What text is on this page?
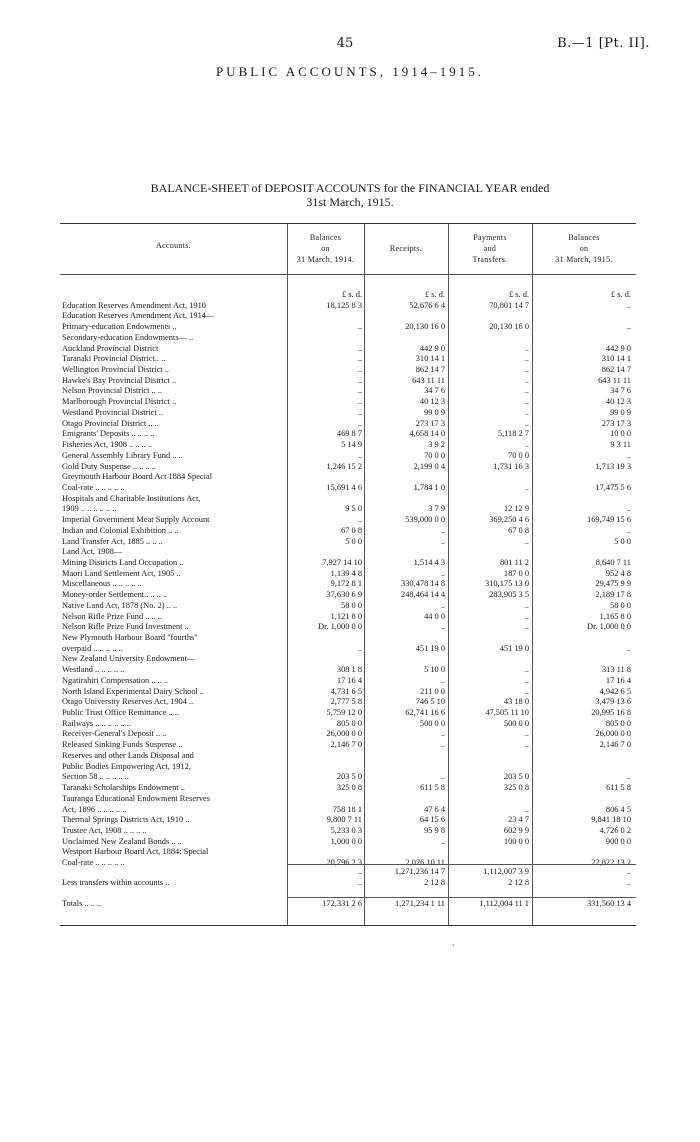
45	B.—1 [Pt. II].
PUBLIC ACCOUNTS, 1914–1915.
BALANCE-SHEET of DEPOSIT ACCOUNTS for the FINANCIAL YEAR ended
31st March, 1915.
Accounts.
Balances
on
31 March, 1914.
Receipts.
Payments
and
Transfers.
Balances
on
31 March, 1915.
£ s. d.	£ s. d.	£ s. d.	£ s. d.
Education Reserves Amendment Act, 1910	18,125 8 3	52,676 6 4	70,801 14 7	..
Education Reserves Amendment Act, 1914—
Primary-education Endowments ..	..	20,130 16 0	20,130 16 0	..
Secondary-education Endowments— ..
Auckland Provincial District	..	442 9 0	..	442 9 0
Taranaki Provincial District.. ..	..	310 14 1	..	310 14 1
Wellington Provincial District ..	..	862 14 7	..	862 14 7
Hawke's Bay Provincial District ..	..	643 11 11	..	643 11 11
Nelson Provincial District .. ..	..	34 7 6	..	34 7 6
Marlborough Provincial District ..	..	40 12 3	..	40 12 3
Westland Provincial District ..	..	99 0 9	..	99 0 9
Otago Provincial District .. ..	..	273 17 3	..	273 17 3
Emigrants' Deposits .. .. .. ..	469 8 7	4,658 14 0	5,118 2 7	10 0 0
Fisheries Act, 1908 .. .. .. ..	5 14 9	3 9 2	..	9 3 11
General Assembly Library Fund .. ..	..	70 0 0	70 0 0	..
Gold Duty Suspense .. .. .. ..	1,246 15 2	2,199 0 4	1,731 16 3	1,713 19 3
Greymouth Harbour Board Act 1884 Special
Coal-rate .. .. .. .. ..	15,691 4 6	1,784 1 0	..	17,475 5 6
Hospitals and Charitable Institutions Act,
1909 .. .. .. .. .. ..	9 5 0	3 7 9	12 12 9	..
Imperial Government Meat Supply Account	..	539,000 0 0	369,250 4 6	169,749 15 6
Indian and Colonial Exhibition .. ..	67 0 8	..	67 0 8	..
Land Transfer Act, 1885 .. .. ..	5 0 0	..	..	5 0 0
Land Act, 1908—
Mining Districts Land Occupation ..	7,927 14 10	1,514 4 3	801 11 2	8,640 7 11
Maori Land Settlement Act, 1905 ..	1,139 4 8	..	187 0 0	952 4 8
Miscellaneous .. .. .. .. ..	9,172 8 1	330,478 14 8	310,175 13 0	29,475 9 9
Money-order Settlement.. .. .. ..	37,630 6 9	248,464 14 4	283,905 3 5	2,189 17 8
Native Land Act, 1878 (No. 2) .. ..	58 0 0	..	..	58 0 0
Nelson Rifle Prize Fund .. .. ..	1,121 8 0	44 0 0	..	1,165 8 0
Nelson Rifle Prize Fund Investment ..	Dr. 1,000 0 0	..	..	Dr. 1,000 0 0
New Plymouth Harbour Board "fourths"
overpaid .. .. .. .. ..	..	451 19 0	451 19 0	..
New Zealand University Endowment—
Westland .. .. .. .. ..	308 1 8	5 10 0	..	313 11 8
Ngatirahiri Compensation .. .. ..	17 16 4	..	..	17 16 4
North Island Experimental Dairy School ..	4,731 6 5	211 0 0	..	4,942 6 5
Otago University Reserves Act, 1904 ..	2,777 5 8	746 5 10	43 18 0	3,479 13 6
Public Trust Office Remittance .. ..	5,759 12 0	62,741 16 6	47,505 11 10	20,995 16 8
Railways .. .. .. .. .. ..	805 0 0	500 0 0	500 0 0	805 0 0
Receiver-General's Deposit .. ..	26,000 0 0	..	..	26,000 0 0
Released Sinking Funds Suspense ..	2,146 7 0	..	..	2,146 7 0
Reserves and other Lands Disposal and
Public Bodies Empowering Act, 1912,
Section 58 .. .. .. .. ..	203 5 0	..	203 5 0	..
Taranaki Scholarships Endowment ..	325 0 8	611 5 8	325 0 8	611 5 8
Tauranga Educational Endowment Reserves
Act, 1896 .. .. .. .. ..	758 18 1	47 6 4	..	806 4 5
Thermal Springs Districts Act, 1910 ..	9,800 7 11	64 15 6	23 4 7	9,841 18 10
Trustee Act, 1908 .. .. .. ..	5,233 0 3	95 9 8	602 9 9	4,726 0 2
Unclaimed New Zealand Bonds .. ..	1,000 0 0	..	100 0 0	900 0 0
Westport Harbour Board Act, 1884: Special
Coal-rate .. .. .. .. ..	20,796 2 3	2,026 10 11	..	22,822 13 2
..	1,271,236 14 7	1,112,007 3 9	..
Less transfers within accounts ..	..	2 12 8	2 12 8	..
Totals .. .. ..	172,331 2 6	1,271,234 1 11	1,112,004 11 1	331,560 13 4
,
